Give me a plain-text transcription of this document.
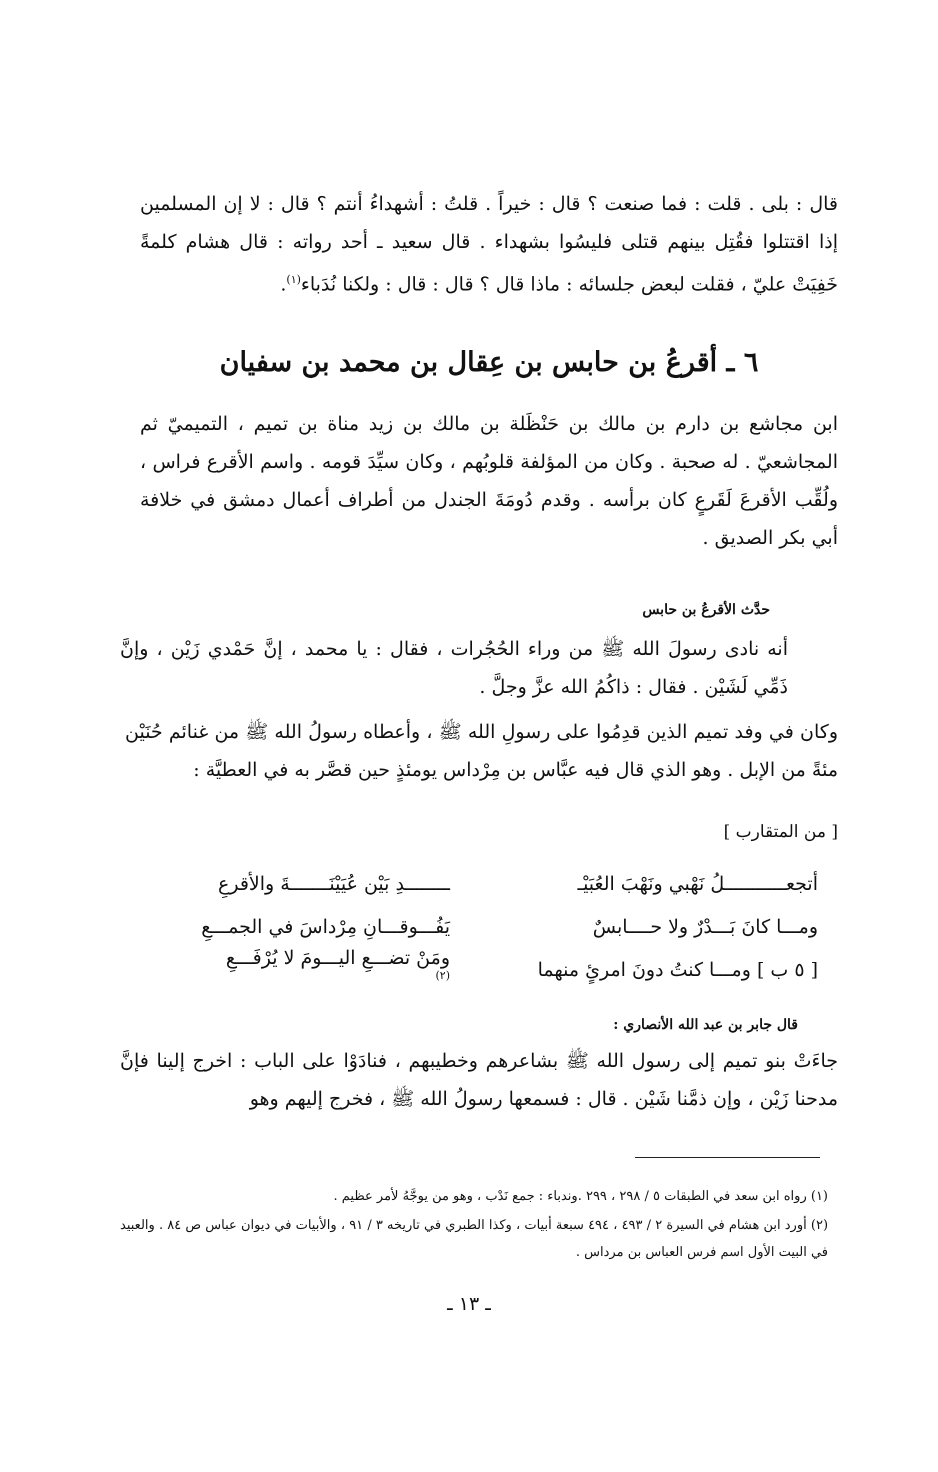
قال : بلى . قلت : فما صنعت ؟ قال : خيراً . قلتُ : أشهداءُ أنتم ؟ قال : لا إن المسلمين إذا اقتتلوا فقُتِل بينهم قتلى فليسُوا بشهداء . قال سعيد ـ أحد رواته : قال هشام كلمةً خَفِيَتْ عليّ ، فقلت لبعض جلسائه : ماذا قال ؟ قال : قال : ولكنا نُدَباء$^{(١)}$.

٦ ـ أقرعُ بن حابس بن عِقال بن محمد بن سفيان

ابن مجاشع بن دارم بن مالك بن حَنْظَلة بن مالك بن زيد مناة بن تميم ، التميميّ ثم المجاشعيّ . له صحبة . وكان من المؤلفة قلوبُهم ، وكان سيِّدَ قومه . واسم الأقرع فراس ، ولُقِّب الأقرعَ لَقَرعٍ كان برأسه . وقدم دُومَةَ الجندل من أطراف أعمال دمشق في خلافة أبي بكر الصديق .

حدَّث الأقرعُ بن حابس

أنه نادى رسولَ الله ﷺ من وراء الحُجُرات ، فقال : يا محمد ، إنَّ حَمْدي زَيْن ، وإنَّ ذَمِّي لَشَيْن . فقال : ذاكُمُ الله عزَّ وجلَّ .

وكان في وفد تميم الذين قدِمُوا على رسولِ الله ﷺ ، وأعطاه رسولُ الله ﷺ من غنائم حُنَيْن مئةً من الإبل . وهو الذي قال فيه عبَّاس بن مِرْداس يومئذٍ حين قصَّر به في العطيَّة :

[ من المتقارب ]
أتجعـــــــــــلُ نَهْبي ونَهْبَ العُبَيْـ
ــــــــدِ بَيْن عُيَيْنَـــــــةَ والأقرعِ
ومـــا كانَ بَـــدْرٌ ولا حــــابسٌ
يَفُـــوقـــانِ مِرْداسَ في الجمـــعِ
[ ٥ ب ] ومـــا كنتُ دونَ امرئٍ منهما
ومَنْ تضـــعِ اليـــومَ لا يُرْفَـــعِ
$^{(٢)}$
قال جابر بن عبد الله الأنصاري :

جاءَتْ بنو تميم إلى رسول الله ﷺ بشاعرهم وخطيبهم ، فنادَوْا على الباب : اخرج إلينا فإنَّ مدحنا زَيْن ، وإن ذمَّنا شَيْن . قال : فسمعها رسولُ الله ﷺ ، فخرج إليهم وهو

(١) رواه ابن سعد في الطبقات ٥ / ٢٩٨ ، ٢٩٩ .وندباء : جمع نَدْب ، وهو من يوجَّهُ لأمر عظيم .
(٢) أورد ابن هشام في السيرة ٢ / ٤٩٣ ، ٤٩٤ سبعة أبيات ، وكذا الطبري في تاريخه ٣ / ٩١ ، والأبيات في ديوان عباس ص ٨٤ . والعبيد في البيت الأول اسم فرس العباس بن مرداس .
ـ ١٣ ـ
